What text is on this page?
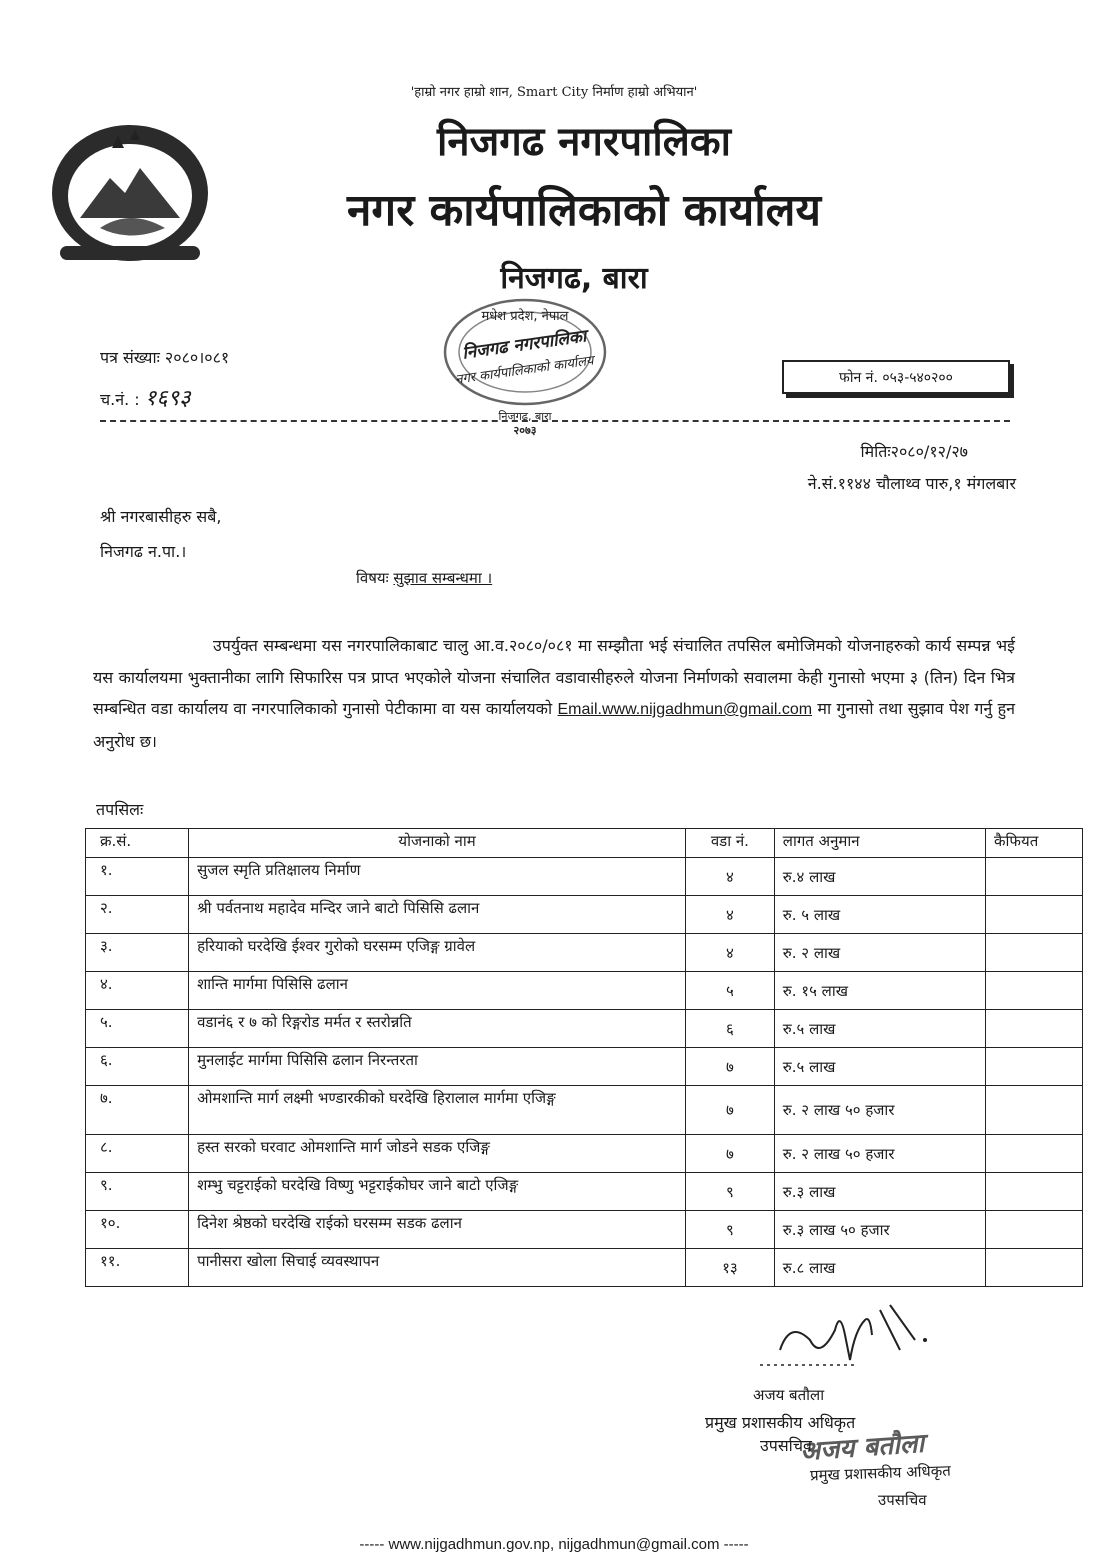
'हाम्रो नगर हाम्रो शान, Smart City निर्माण हाम्रो अभियान'
निजगढ नगरपालिका
नगर कार्यपालिकाको कार्यालय
निजगढ, बारा
मधेश प्रदेश, नेपाल
निजगढ नगरपालिका
नगर कार्यपालिकाको कार्यालय
निजगढ, बारा
२०७३
पत्र संख्याः २०८०।०८१
च.नं. : १६९३
फोन नं. ०५३-५४०२००
मितिः२०८०/१२/२७
ने.सं.११४४ चौलाथ्व पारु,१ मंगलबार
श्री नगरबासीहरु सबै,
निजगढ न.पा.।
विषयः सुझाव सम्बन्धमा ।
उपर्युक्त सम्बन्धमा यस नगरपालिकाबाट चालु आ.व.२०८०/०८१ मा सम्झौता भई संचालित तपसिल बमोजिमको योजनाहरुको कार्य सम्पन्न भई यस कार्यालयमा भुक्तानीका लागि सिफारिस पत्र प्राप्त भएकोले योजना संचालित वडावासीहरुले योजना निर्माणको सवालमा केही गुनासो भएमा ३ (तिन) दिन भित्र सम्बन्धित वडा कार्यालय वा नगरपालिकाको गुनासो पेटीकामा वा यस कार्यालयको Email.www.nijgadhmun@gmail.com मा गुनासो तथा सुझाव पेश गर्नु हुन अनुरोध छ।
तपसिलः
क्र.सं.	योजनाको नाम	वडा नं.	लागत अनुमान	कैफियत
१.	सुजल स्मृति प्रतिक्षालय निर्माण	४	रु.४ लाख	
२.	श्री पर्वतनाथ महादेव मन्दिर जाने बाटो पिसिसि ढलान	४	रु. ५ लाख	
३.	हरियाको घरदेखि ईश्वर गुरोको घरसम्म एजिङ्ग ग्रावेल	४	रु. २ लाख	
४.	शान्ति मार्गमा पिसिसि ढलान	५	रु. १५ लाख	
५.	वडानं६ र ७ को रिङ्गरोड मर्मत र स्तरोन्नति	६	रु.५ लाख	
६.	मुनलाईट मार्गमा पिसिसि ढलान निरन्तरता	७	रु.५ लाख	
७.	ओमशान्ति मार्ग लक्ष्मी भण्डारकीको घरदेखि हिरालाल मार्गमा एजिङ्ग	७	रु. २ लाख ५० हजार	
८.	हस्त सरको घरवाट ओमशान्ति मार्ग जोडने सडक एजिङ्ग	७	रु. २ लाख ५० हजार	
९.	शम्भु चट्टराईको घरदेखि विष्णु भट्टराईकोघर जाने बाटो एजिङ्ग	९	रु.३ लाख	
१०.	दिनेश श्रेष्ठको घरदेखि राईको घरसम्म सडक ढलान	९	रु.३ लाख ५० हजार	
११.	पानीसरा खोला सिचाई व्यवस्थापन	१३	रु.८ लाख	
अजय बतौला
प्रमुख प्रशासकीय अधिकृत
अजय बतौला
उपसचिव
प्रमुख प्रशासकीय अधिकृत
उपसचिव
----- www.nijgadhmun.gov.np, nijgadhmun@gmail.com -----
